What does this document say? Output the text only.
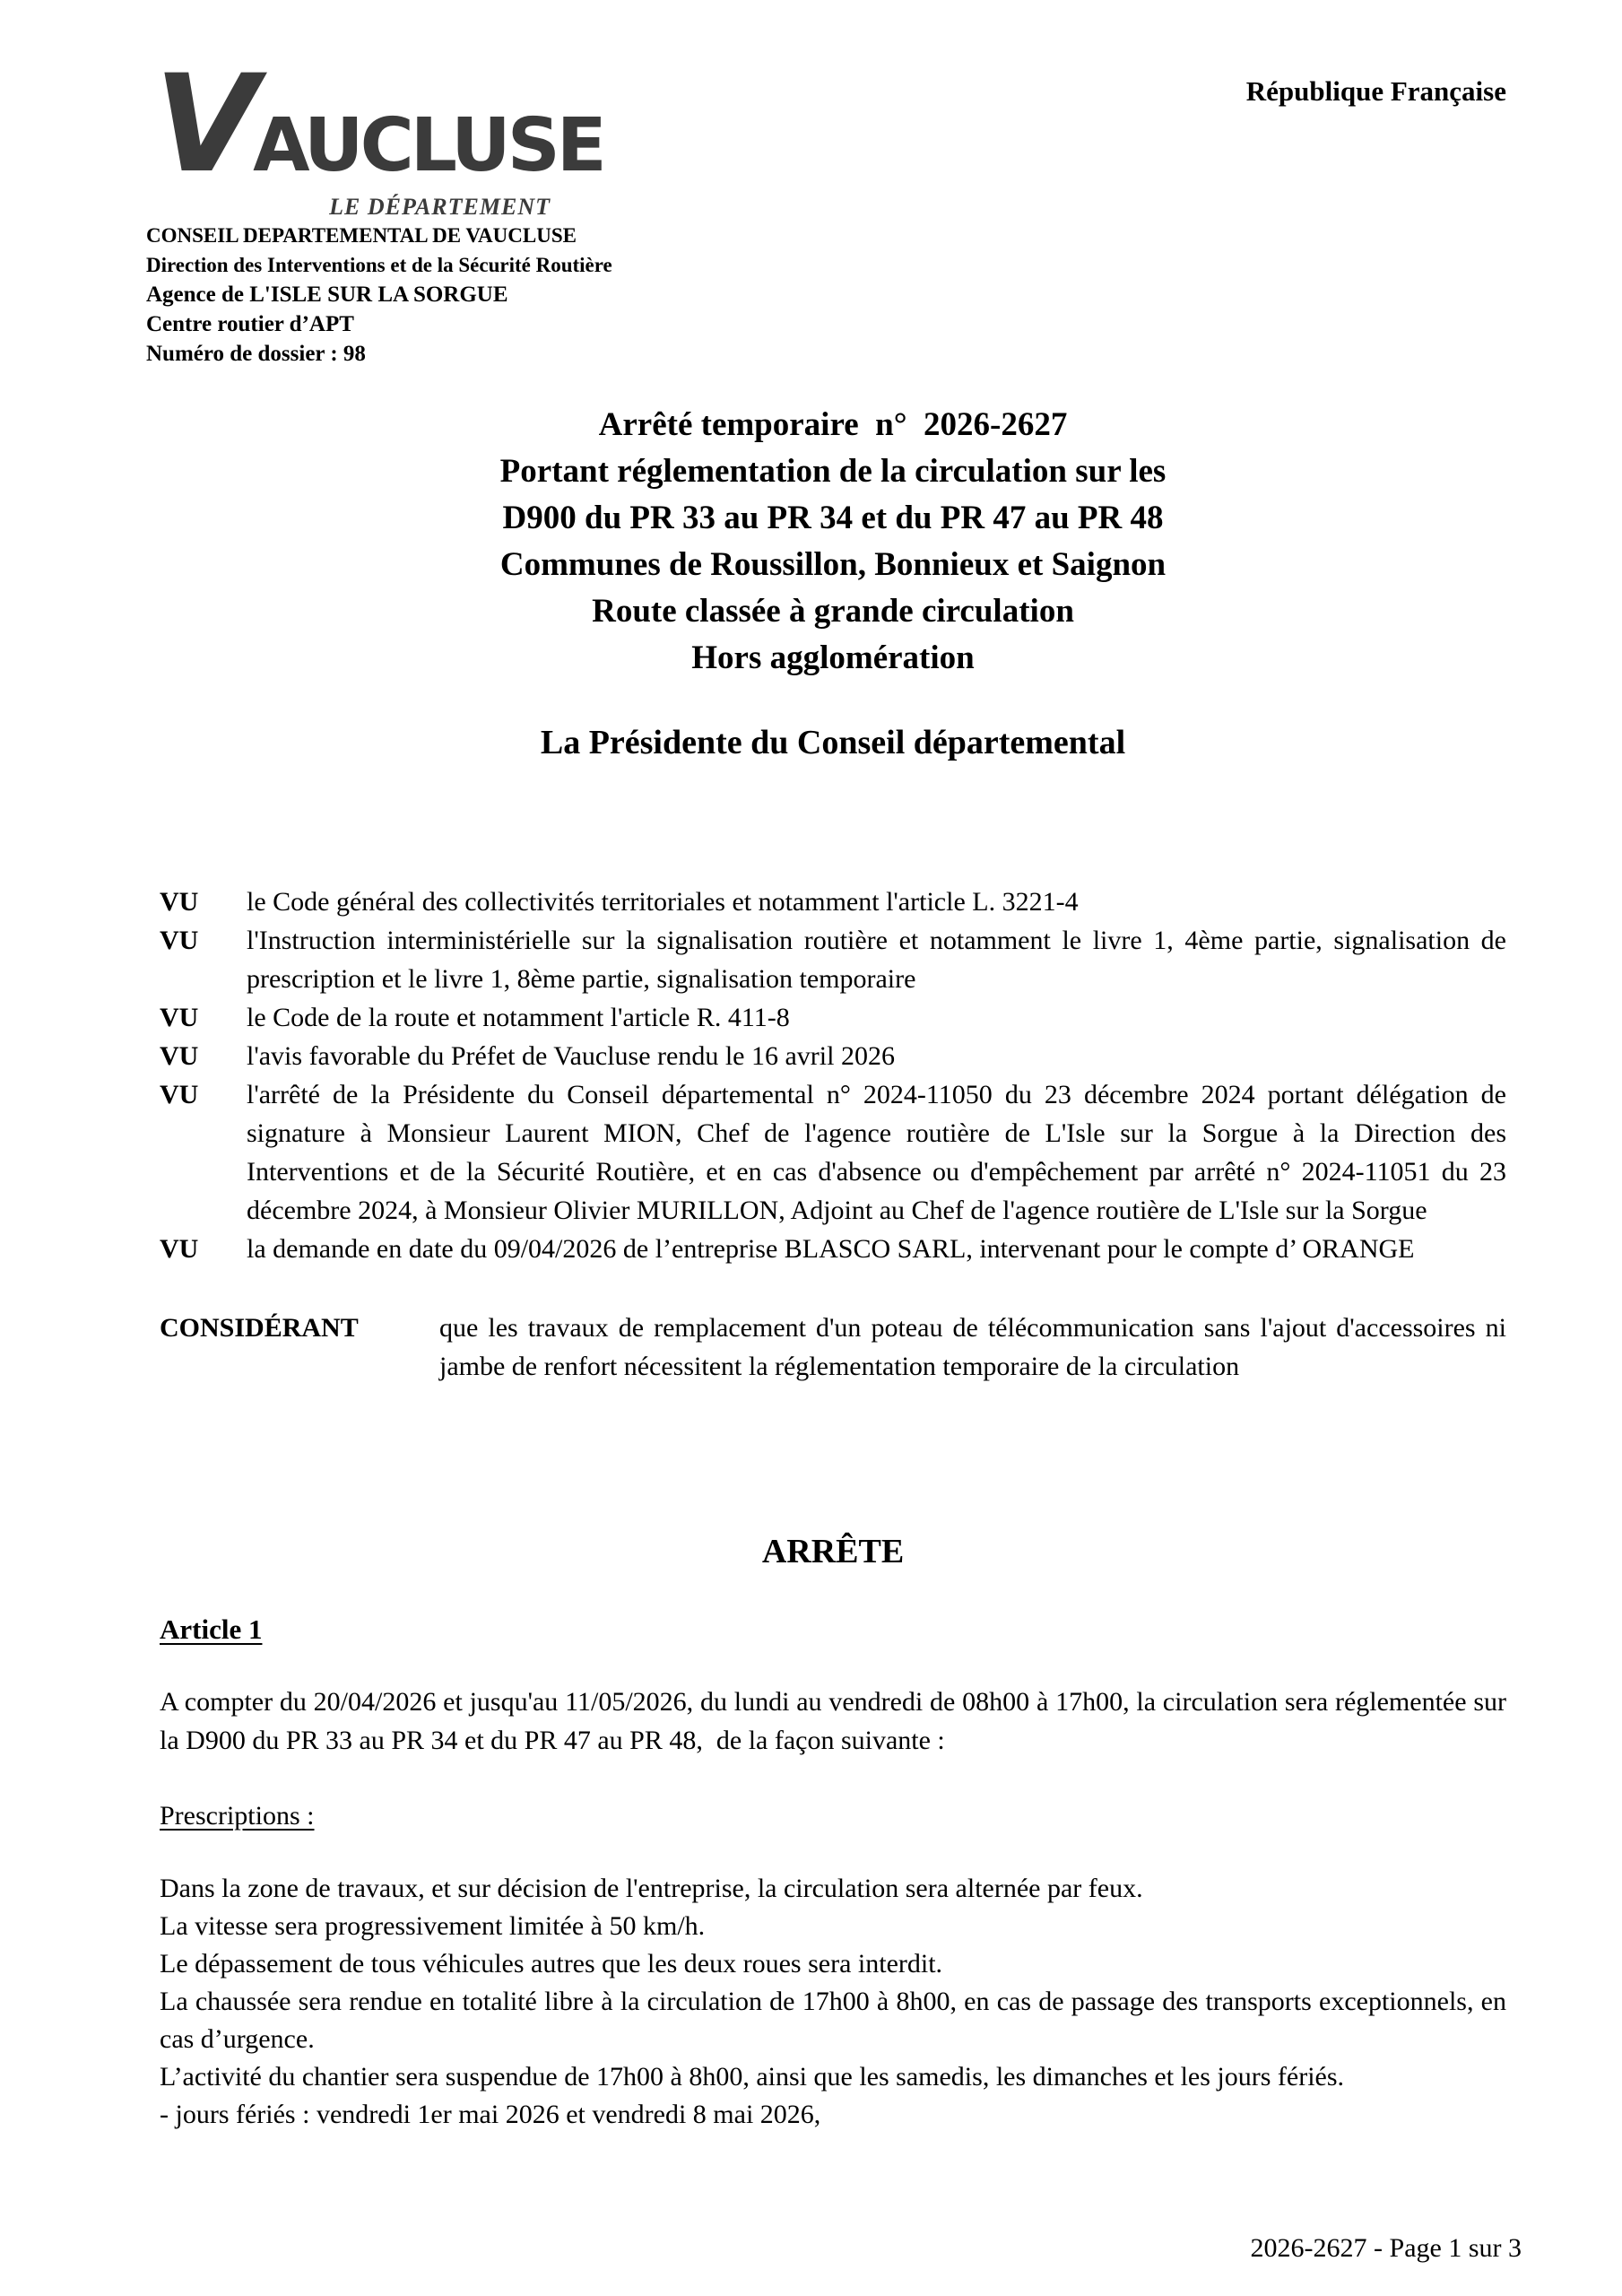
République Française
V AUCLUSE
LE DÉPARTEMENT
CONSEIL DEPARTEMENTAL DE VAUCLUSE
Direction des Interventions et de la Sécurité Routière
Agence de L'ISLE SUR LA SORGUE
Centre routier d’APT
Numéro de dossier : 98
Arrêté temporaire  n°  2026-2627
Portant réglementation de la circulation sur les
D900 du PR 33 au PR 34 et du PR 47 au PR 48
Communes de Roussillon, Bonnieux et Saignon
Route classée à grande circulation
Hors agglomération
La Présidente du Conseil départemental
VU	le Code général des collectivités territoriales et notamment l'article L. 3221-4
VU	l'Instruction interministérielle sur la signalisation routière et notamment le livre 1, 4ème partie, signalisation de prescription et le livre 1, 8ème partie, signalisation temporaire
VU	le Code de la route et notamment l'article R. 411-8
VU	l'avis favorable du Préfet de Vaucluse rendu le 16 avril 2026
VU	l'arrêté de la Présidente du Conseil départemental n° 2024-11050 du 23 décembre 2024 portant délégation de signature à Monsieur Laurent MION, Chef de l'agence routière de L'Isle sur la Sorgue à la Direction des Interventions et de la Sécurité Routière, et en cas d'absence ou d'empêchement par arrêté n° 2024-11051 du 23 décembre 2024, à Monsieur Olivier MURILLON, Adjoint au Chef de l'agence routière de L'Isle sur la Sorgue
VU	la demande en date du 09/04/2026 de l’entreprise BLASCO SARL, intervenant pour le compte d’ ORANGE
CONSIDÉRANT	que les travaux de remplacement d'un poteau de télécommunication sans l'ajout d'accessoires ni jambe de renfort nécessitent la réglementation temporaire de la circulation
ARRÊTE
Article 1
A compter du 20/04/2026 et jusqu'au 11/05/2026, du lundi au vendredi de 08h00 à 17h00, la circulation sera réglementée sur la D900 du PR 33 au PR 34 et du PR 47 au PR 48,  de la façon suivante :
Prescriptions :

Dans la zone de travaux, et sur décision de l'entreprise, la circulation sera alternée par feux.

La vitesse sera progressivement limitée à 50 km/h.

Le dépassement de tous véhicules autres que les deux roues sera interdit.

La chaussée sera rendue en totalité libre à la circulation de 17h00 à 8h00, en cas de passage des transports exceptionnels, en cas d’urgence.

L’activité du chantier sera suspendue de 17h00 à 8h00, ainsi que les samedis, les dimanches et les jours fériés.

- jours fériés : vendredi 1er mai 2026 et vendredi 8 mai 2026,

2026-2627 - Page 1 sur 3
